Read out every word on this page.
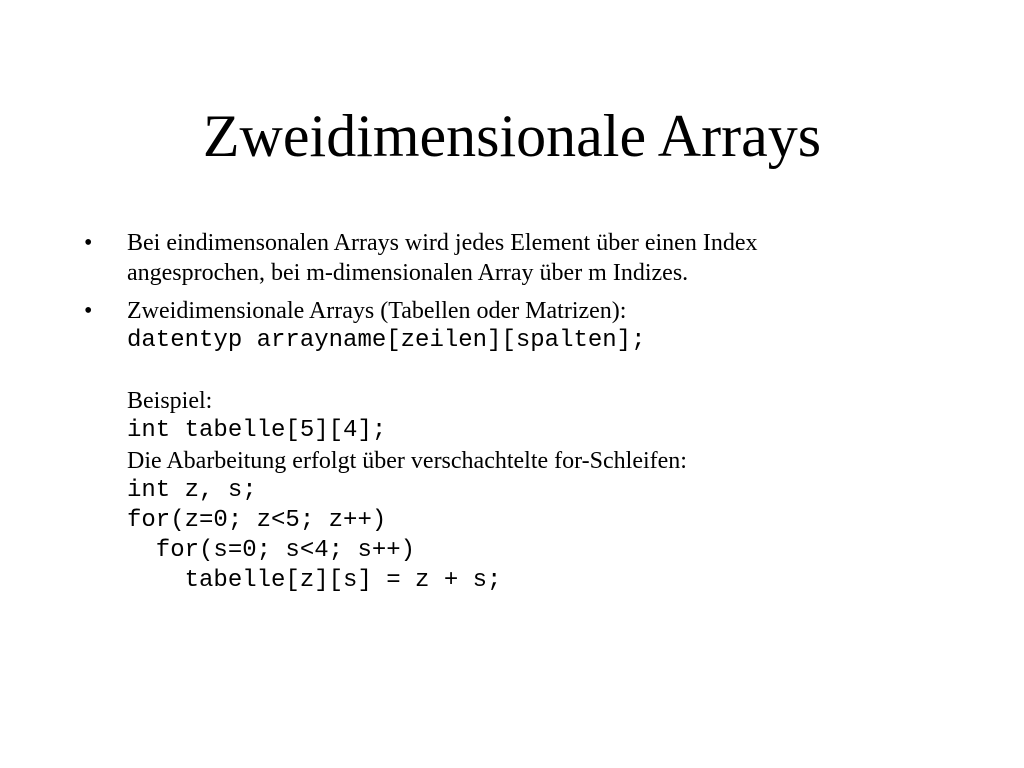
Zweidimensionale Arrays
•	Bei eindimensonalen Arrays wird jedes Element über einen Index
angesprochen, bei m-dimensionalen Array über m Indizes.
•	Zweidimensionale Arrays (Tabellen oder Matrizen):
datentyp arrayname[zeilen][spalten];
Beispiel:
int tabelle[5][4];
Die Abarbeitung erfolgt über verschachtelte for-Schleifen:
int z, s;
for(z=0; z<5; z++)
for(s=0; s<4; s++)
tabelle[z][s] = z + s;
